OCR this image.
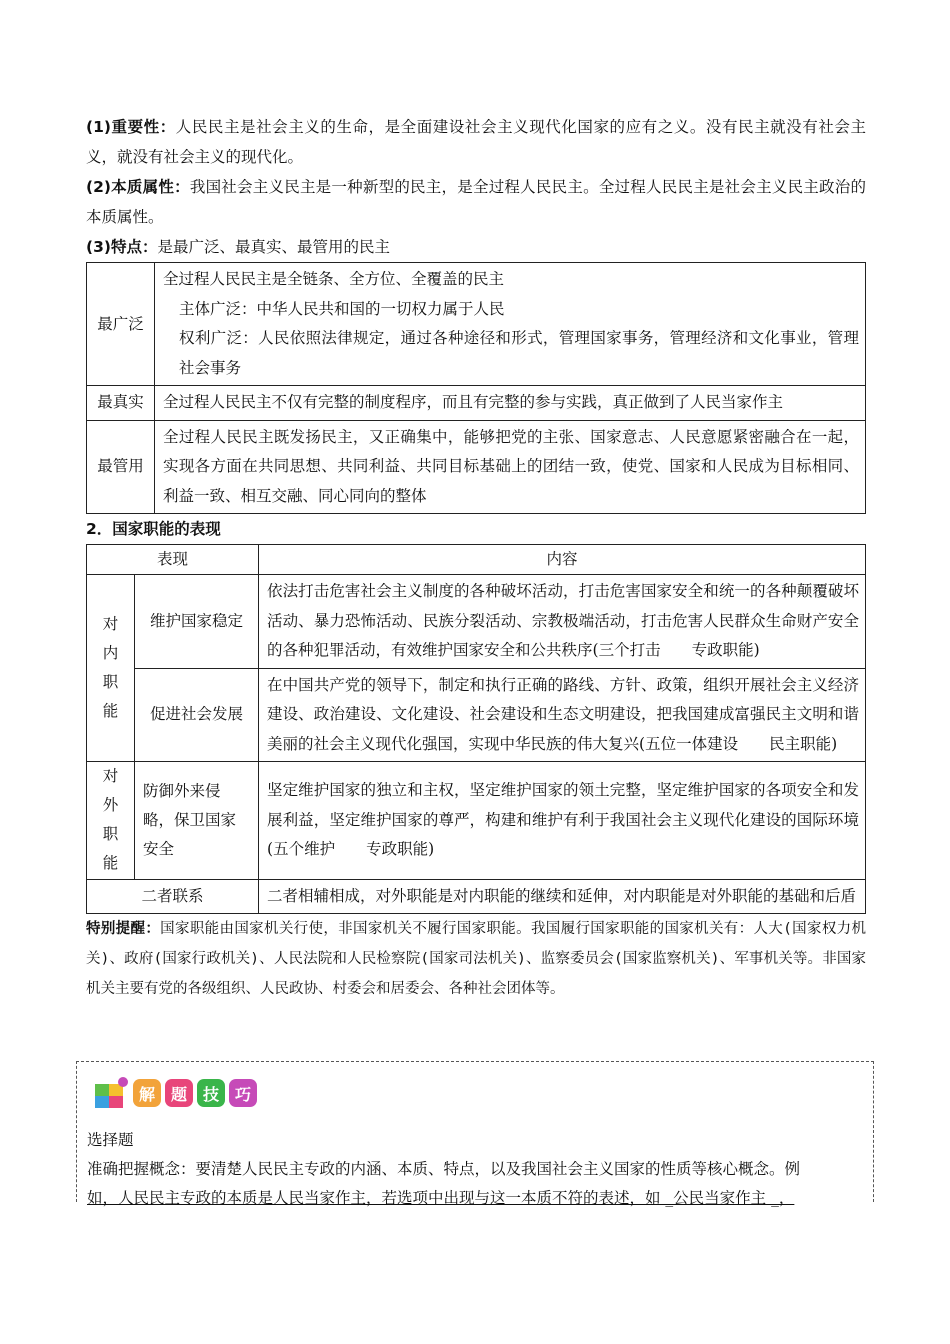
(1)重要性：人民民主是社会主义的生命，是全面建设社会主义现代化国家的应有之义。没有民主就没有社会主义，就没有社会主义的现代化。

(2)本质属性：我国社会主义民主是一种新型的民主，是全过程人民民主。全过程人民民主是社会主义民主政治的本质属性。

(3)特点：是最广泛、最真实、最管用的民主

最广泛	全过程人民民主是全链条、全方位、全覆盖的民主
主体广泛：中华人民共和国的一切权力属于人民
权利广泛：人民依照法律规定，通过各种途径和形式，管理国家事务，管理经济和文化事业，管理社会事务

最真实	全过程人民民主不仅有完整的制度程序，而且有完整的参与实践，真正做到了人民当家作主

最管用	全过程人民民主既发扬民主，又正确集中，能够把党的主张、国家意志、人民意愿紧密融合在一起，实现各方面在共同思想、共同利益、共同目标基础上的团结一致，使党、国家和人民成为目标相同、利益一致、相互交融、同心同向的整体

2．国家职能的表现

表现		内容

对内职能	维护国家稳定	依法打击危害社会主义制度的各种破坏活动，打击危害国家安全和统一的各种颠覆破坏活动、暴力恐怖活动、民族分裂活动、宗教极端活动，打击危害人民群众生命财产安全的各种犯罪活动，有效维护国家安全和公共秩序(三个打击　　专政职能)
	促进社会发展	在中国共产党的领导下，制定和执行正确的路线、方针、政策，组织开展社会主义经济建设、政治建设、文化建设、社会建设和生态文明建设，把我国建成富强民主文明和谐美丽的社会主义现代化强国，实现中华民族的伟大复兴(五位一体建设　　民主职能)

对外职能	防御外来侵略，保卫国家安全	坚定维护国家的独立和主权，坚定维护国家的领土完整，坚定维护国家的各项安全和发展利益，坚定维护国家的尊严，构建和维护有利于我国社会主义现代化建设的国际环境(五个维护　　专政职能)
二者联系		二者相辅相成，对外职能是对内职能的继续和延伸，对内职能是对外职能的基础和后盾

特别提醒：国家职能由国家机关行使，非国家机关不履行国家职能。我国履行国家职能的国家机关有：人大(国家权力机关)、政府(国家行政机关)、人民法院和人民检察院(国家司法机关)、监察委员会(国家监察机关)、军事机关等。非国家机关主要有党的各级组织、人民政协、村委会和居委会、各种社会团体等。

解 题 技 巧

选择题

准确把握概念：要清楚人民民主专政的内涵、本质、特点，以及我国社会主义国家的性质等核心概念。例

如，人民民主专政的本质是人民当家作主，若选项中出现与这一本质不符的表述，如 _公民当家作主 _，
